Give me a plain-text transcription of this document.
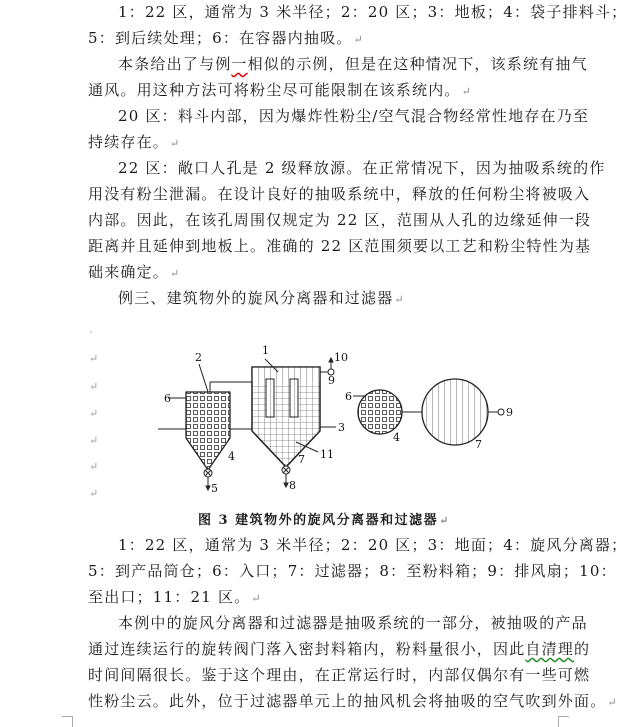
1：22 区，通常为 3 米半径；2：20 区；3：地板；4：袋子排料斗；
5：到后续处理；6：在容器内抽吸。↵
本条给出了与例一相似的示例，但是在这种情况下，该系统有抽气
通风。用这种方法可将粉尘尽可能限制在该系统内。↵
20 区：料斗内部，因为爆炸性粉尘/空气混合物经常性地存在乃至
持续存在。↵
22 区：敞口人孔是 2 级释放源。在正常情况下，因为抽吸系统的作
用没有粉尘泄漏。在设计良好的抽吸系统中，释放的任何粉尘将被吸入
内部。因此，在该孔周围仅规定为 22 区，范围从人孔的边缘延伸一段
距离并且延伸到地板上。准确的 22 区范围须要以工艺和粉尘特性为基
础来确定。↵
例三、建筑物外的旋风分离器和过滤器↵
·
↵
↵
↵
↵
↵
↵
1
2
3
4
5
6
7
8
9
10
11
6
4
7
9
图 3 建筑物外的旋风分离器和过滤器↵
1：22 区，通常为 3 米半径；2：20 区；3：地面；4：旋风分离器；
5：到产品筒仓；6：入口；7：过滤器；8：至粉料箱；9：排风扇；10：
至出口；11：21 区。↵
本例中的旋风分离器和过滤器是抽吸系统的一部分，被抽吸的产品
通过连续运行的旋转阀门落入密封料箱内，粉料量很小，因此自清理的
时间间隔很长。鉴于这个理由，在正常运行时，内部仅偶尔有一些可燃
性粉尘云。此外，位于过滤器单元上的抽风机会将抽吸的空气吹到外面。↵
